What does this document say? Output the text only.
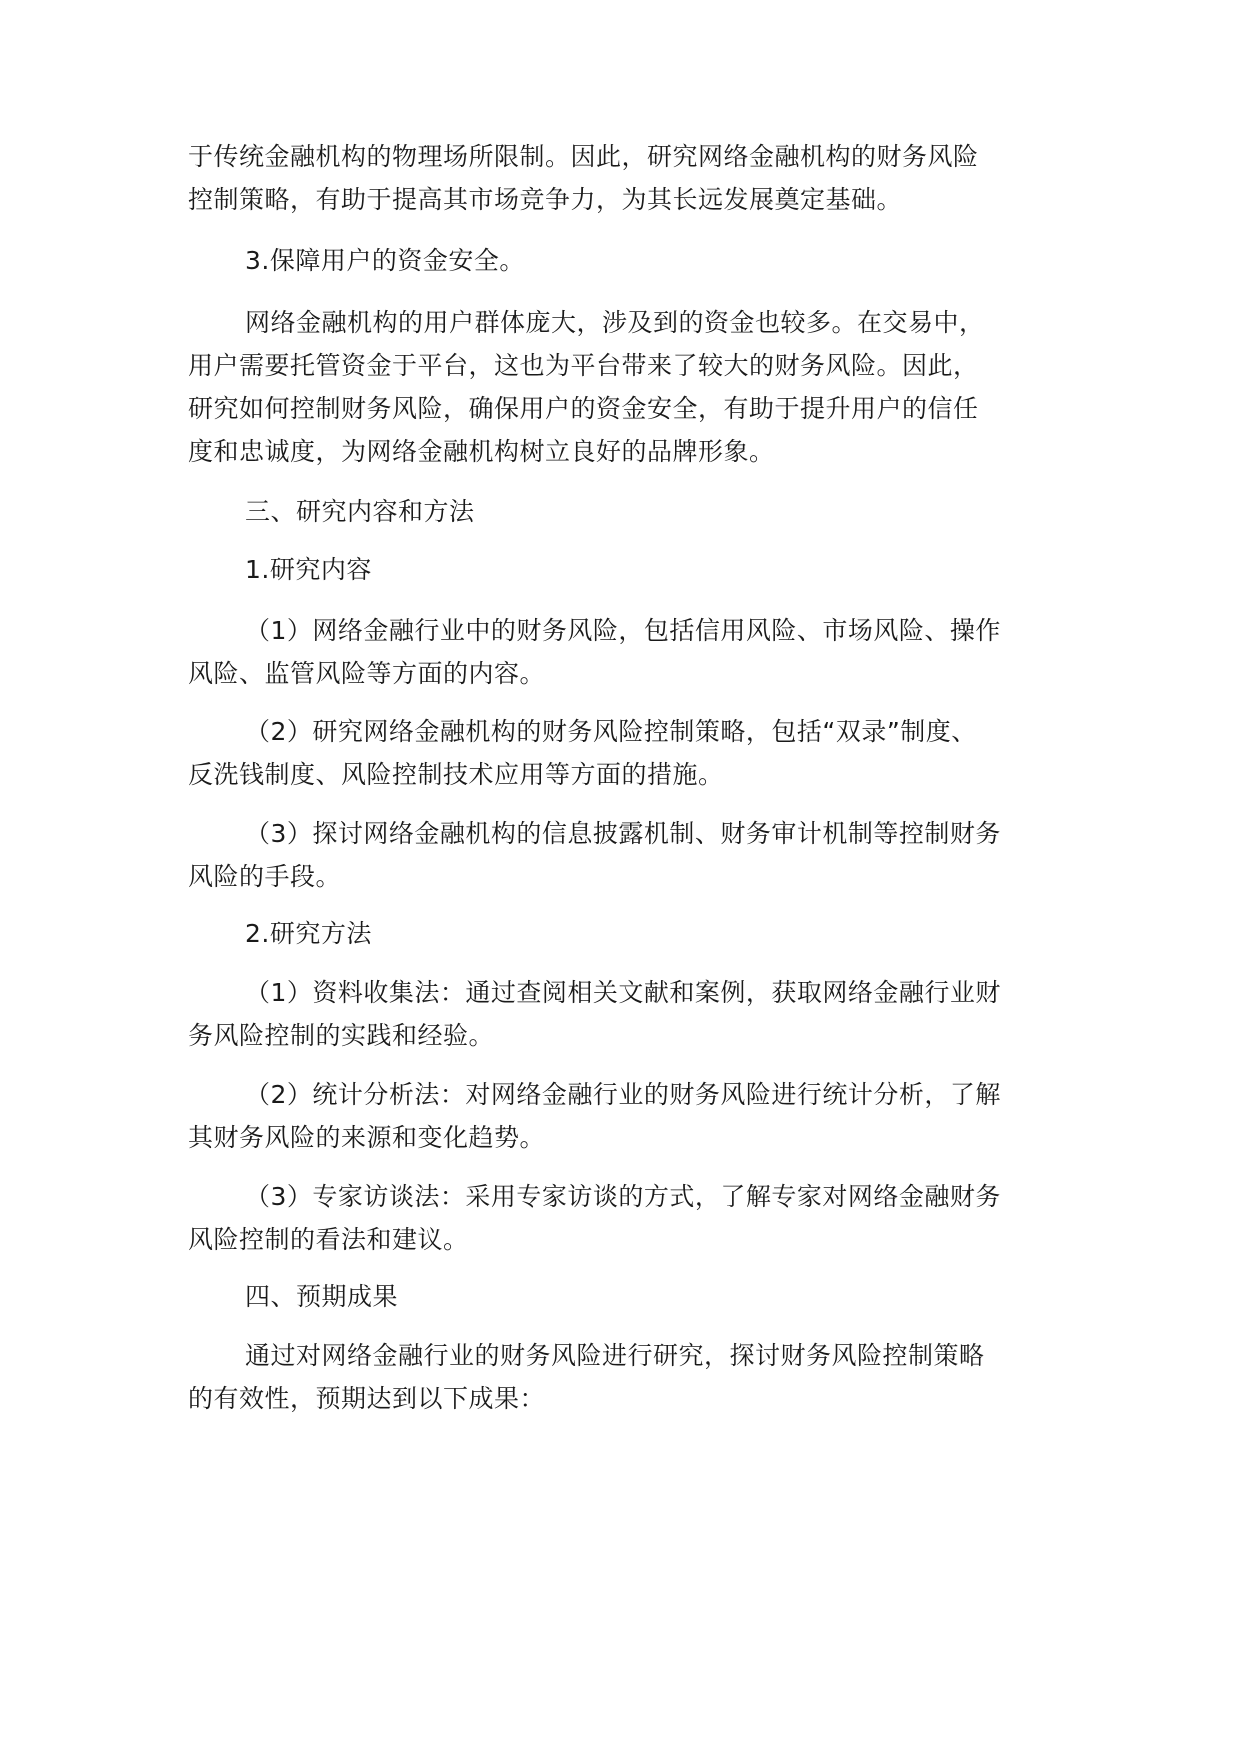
于传统金融机构的物理场所限制。因此，研究网络金融机构的财务风险
控制策略，有助于提高其市场竞争力，为其长远发展奠定基础。
3.保障用户的资金安全。
网络金融机构的用户群体庞大，涉及到的资金也较多。在交易中，
用户需要托管资金于平台，这也为平台带来了较大的财务风险。因此，
研究如何控制财务风险，确保用户的资金安全，有助于提升用户的信任
度和忠诚度，为网络金融机构树立良好的品牌形象。
三、研究内容和方法
1.研究内容
（1）网络金融行业中的财务风险，包括信用风险、市场风险、操作
风险、监管风险等方面的内容。
（2）研究网络金融机构的财务风险控制策略，包括“双录”制度、
反洗钱制度、风险控制技术应用等方面的措施。
（3）探讨网络金融机构的信息披露机制、财务审计机制等控制财务
风险的手段。
2.研究方法
（1）资料收集法：通过查阅相关文献和案例，获取网络金融行业财
务风险控制的实践和经验。
（2）统计分析法：对网络金融行业的财务风险进行统计分析，了解
其财务风险的来源和变化趋势。
（3）专家访谈法：采用专家访谈的方式，了解专家对网络金融财务
风险控制的看法和建议。
四、预期成果
通过对网络金融行业的财务风险进行研究，探讨财务风险控制策略
的有效性，预期达到以下成果：
